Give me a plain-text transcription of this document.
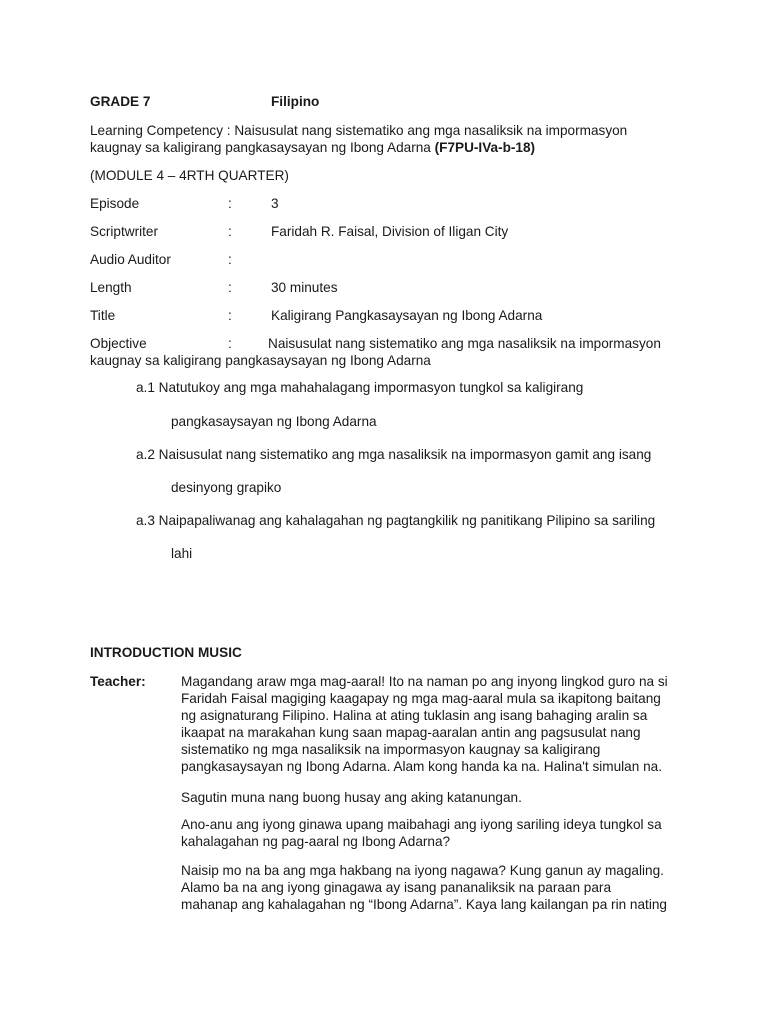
GRADE 7	Filipino
Learning Competency : Naisusulat nang sistematiko ang mga nasaliksik na impormasyon
kaugnay sa kaligirang pangkasaysayan ng Ibong Adarna (F7PU-IVa-b-18)
(MODULE 4 – 4RTH QUARTER)
Episode	:	3
Scriptwriter	:	Faridah R. Faisal, Division of Iligan City
Audio Auditor	:
Length	:	30 minutes
Title	:	Kaligirang Pangkasaysayan ng Ibong Adarna
Objective	:	Naisusulat nang sistematiko ang mga nasaliksik na impormasyon
kaugnay sa kaligirang pangkasaysayan ng Ibong Adarna
a.1 Natutukoy ang mga mahahalagang impormasyon tungkol sa kaligirang
pangkasaysayan ng Ibong Adarna
a.2 Naisusulat nang sistematiko ang mga nasaliksik na impormasyon gamit ang isang
desinyong grapiko
a.3 Naipapaliwanag ang kahalagahan ng pagtangkilik ng panitikang Pilipino sa sariling
lahi
INTRODUCTION MUSIC
Teacher:	Magandang araw mga mag-aaral! Ito na naman po ang inyong lingkod guro na si
Faridah Faisal magiging kaagapay ng mga mag-aaral mula sa ikapitong baitang
ng asignaturang Filipino. Halina at ating tuklasin ang isang bahaging aralin sa
ikaapat na marakahan kung saan mapag-aaralan antin ang pagsusulat nang
sistematiko ng mga nasaliksik na impormasyon kaugnay sa kaligirang
pangkasaysayan ng Ibong Adarna. Alam kong handa ka na. Halina't simulan na.
Sagutin muna nang buong husay ang aking katanungan.
Ano-anu ang iyong ginawa upang maibahagi ang iyong sariling ideya tungkol sa
kahalagahan ng pag-aaral ng Ibong Adarna?
Naisip mo na ba ang mga hakbang na iyong nagawa? Kung ganun ay magaling.
Alamo ba na ang iyong ginagawa ay isang pananaliksik na paraan para
mahanap ang kahalagahan ng “Ibong Adarna”. Kaya lang kailangan pa rin nating
